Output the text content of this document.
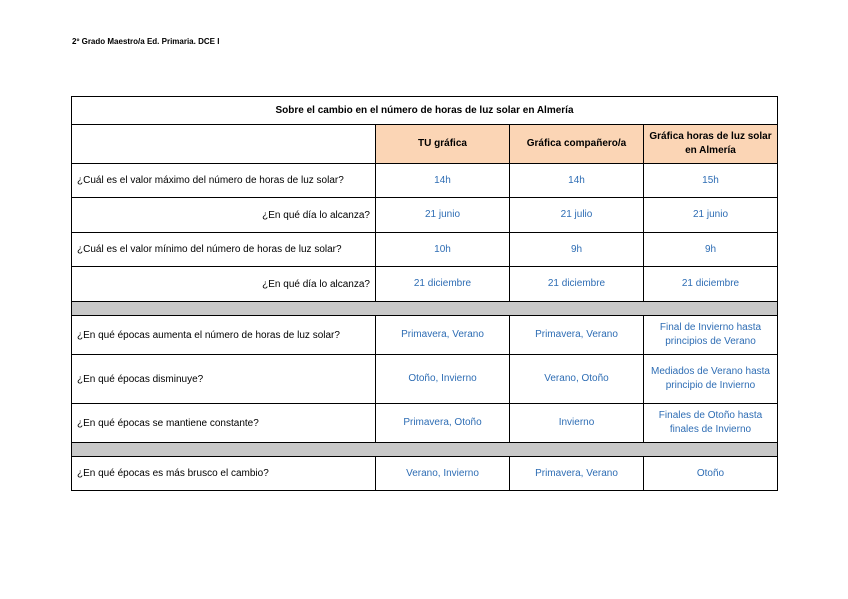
2º Grado Maestro/a Ed. Primaria. DCE I
Sobre el cambio en el número de horas de luz solar en Almería			
	TU gráfica	Gráfica compañero/a	Gráfica horas de luz solar en Almería
¿Cuál es el valor máximo del número de horas de luz solar?	14h	14h	15h
¿En qué día lo alcanza?	21 junio	21 julio	21 junio
¿Cuál es el valor mínimo del número de horas de luz solar?	10h	9h	9h
¿En qué día lo alcanza?	21 diciembre	21 diciembre	21 diciembre

¿En qué épocas aumenta el número de horas de luz solar?	Primavera, Verano	Primavera, Verano	Final de Invierno hasta principios de Verano
¿En qué épocas disminuye?	Otoño, Invierno	Verano, Otoño	Mediados de Verano hasta principio de Invierno
¿En qué épocas se mantiene constante?	Primavera, Otoño	Invierno	Finales de Otoño hasta finales de Invierno

¿En qué épocas es más brusco el cambio?	Verano, Invierno	Primavera, Verano	Otoño
